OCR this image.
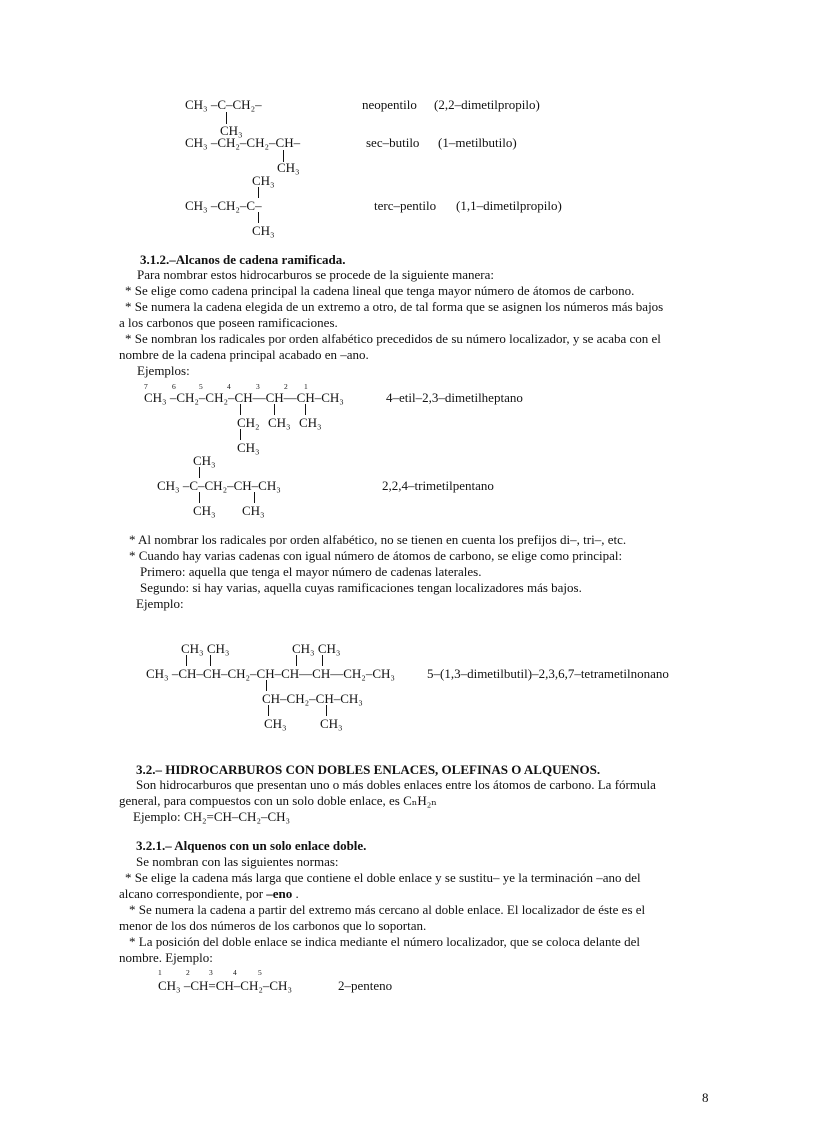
CH₃ –C–CH₂–
CH₃
neopentilo (2,2–dimetilpropilo)
CH₃ –CH₂–CH₂–CH–
CH₃
sec–butilo (1–metilbutilo)
CH₃
CH₃ –CH₂–C–
CH₃
terc–pentilo (1,1–dimetilpropilo)
3.1.2.–Alcanos de cadena ramificada.
Para nombrar estos hidrocarburos se procede de la siguiente manera:
* Se elige como cadena principal la cadena lineal que tenga mayor número de átomos de carbono.
* Se numera la cadena elegida de un extremo a otro, de tal forma que se asignen los números más bajos
a los carbonos que poseen ramificaciones.
* Se nombran los radicales por orden alfabético precedidos de su número localizador, y se acaba con el
nombre de la cadena principal acabado en –ano.
Ejemplos:
7	6	5	4	3	2 1
CH₃ –CH₂–CH₂–CH—CH—CH–CH₃
CH₂ CH₃ CH₃
CH₃
4–etil–2,3–dimetilheptano
CH₃
CH₃ –C–CH₂–CH–CH₃
CH₃ CH₃
2,2,4–trimetilpentano
* Al nombrar los radicales por orden alfabético, no se tienen en cuenta los prefijos di–, tri–, etc.
* Cuando hay varias cadenas con igual número de átomos de carbono, se elige como principal:
Primero: aquella que tenga el mayor número de cadenas laterales.
Segundo: si hay varias, aquella cuyas ramificaciones tengan localizadores más bajos.
Ejemplo:
CH₃ CH₃	CH₃ CH₃
CH₃ –CH–CH–CH₂–CH–CH—CH—CH₂–CH₃
CH–CH₂–CH–CH₃
CH₃	CH₃
5–(1,3–dimetilbutil)–2,3,6,7–tetrametilnonano
3.2.– HIDROCARBUROS CON DOBLES ENLACES, OLEFINAS O ALQUENOS.
Son hidrocarburos que presentan uno o más dobles enlaces entre los átomos de carbono. La fórmula
general, para compuestos con un solo doble enlace, es CₙH₂ₙ
Ejemplo: CH₂=CH–CH₂–CH₃
3.2.1.– Alquenos con un solo enlace doble.
Se nombran con las siguientes normas:
* Se elige la cadena más larga que contiene el doble enlace y se sustitu– ye la terminación –ano del
alcano correspondiente, por –eno .
* Se numera la cadena a partir del extremo más cercano al doble enlace. El localizador de éste es el
menor de los dos números de los carbonos que lo soportan.
* La posición del doble enlace se indica mediante el número localizador, que se coloca delante del
nombre. Ejemplo:
1	2	3	4	5
CH₃ –CH=CH–CH₂–CH₃	2–penteno
8
